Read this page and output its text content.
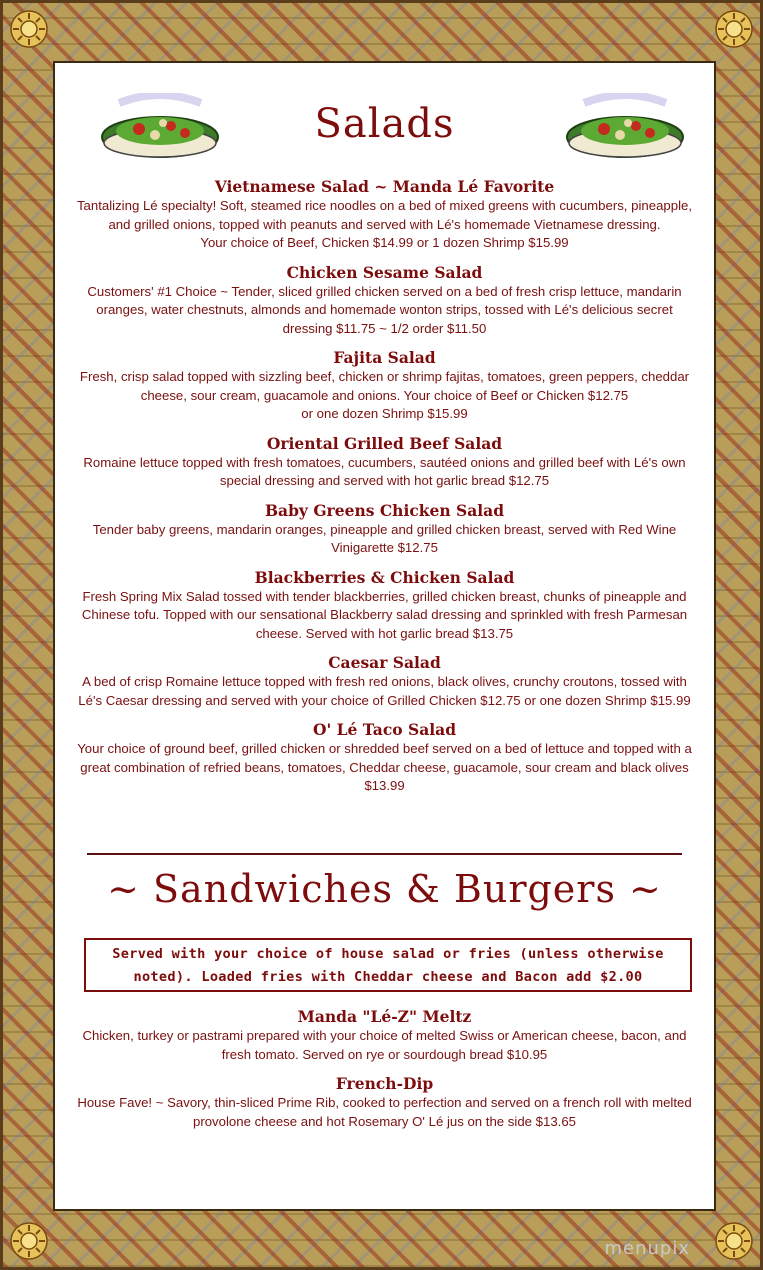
Salads
Vietnamese Salad ~ Manda Lé Favorite
Tantalizing Lé specialty! Soft, steamed rice noodles on a bed of mixed greens with cucumbers, pineapple,
and grilled onions, topped with peanuts and served with Lé's homemade Vietnamese dressing.
Your choice of Beef, Chicken $14.99 or 1 dozen Shrimp $15.99
Chicken Sesame Salad
Customers' #1 Choice ~ Tender, sliced grilled chicken served on a bed of fresh crisp lettuce, mandarin
oranges, water chestnuts, almonds and homemade wonton strips, tossed with Lé's delicious secret
dressing $11.75 ~ 1/2 order $11.50
Fajita Salad
Fresh, crisp salad topped with sizzling beef, chicken or shrimp fajitas, tomatoes, green peppers, cheddar
cheese, sour cream, guacamole and onions. Your choice of Beef or Chicken $12.75
or one dozen Shrimp $15.99
Oriental Grilled Beef Salad
Romaine lettuce topped with fresh tomatoes, cucumbers, sautéed onions and grilled beef with Lé's own
special dressing and served with hot garlic bread $12.75
Baby Greens Chicken Salad
Tender baby greens, mandarin oranges, pineapple and grilled chicken breast, served with Red Wine
Vinigarette $12.75
Blackberries & Chicken Salad
Fresh Spring Mix Salad tossed with tender blackberries, grilled chicken breast, chunks of pineapple and
Chinese tofu. Topped with our sensational Blackberry salad dressing and sprinkled with fresh Parmesan
cheese. Served with hot garlic bread $13.75
Caesar Salad
A bed of crisp Romaine lettuce topped with fresh red onions, black olives, crunchy croutons, tossed with
Lé's Caesar dressing and served with your choice of Grilled Chicken $12.75 or one dozen Shrimp $15.99
O' Lé Taco Salad
Your choice of ground beef, grilled chicken or shredded beef served on a bed of lettuce and topped with a
great combination of refried beans, tomatoes, Cheddar cheese, guacamole, sour cream and black olives
$13.99
~ Sandwiches & Burgers ~
Served with your choice of house salad or fries (unless otherwise noted). Loaded fries with Cheddar cheese and Bacon add $2.00
Manda "Lé-Z" Meltz
Chicken, turkey or pastrami prepared with your choice of melted Swiss or American cheese, bacon, and
fresh tomato. Served on rye or sourdough bread $10.95
French-Dip
House Fave! ~ Savory, thin-sliced Prime Rib, cooked to perfection and served on a french roll with melted
provolone cheese and hot Rosemary O' Lé jus on the side $13.65
menupix
